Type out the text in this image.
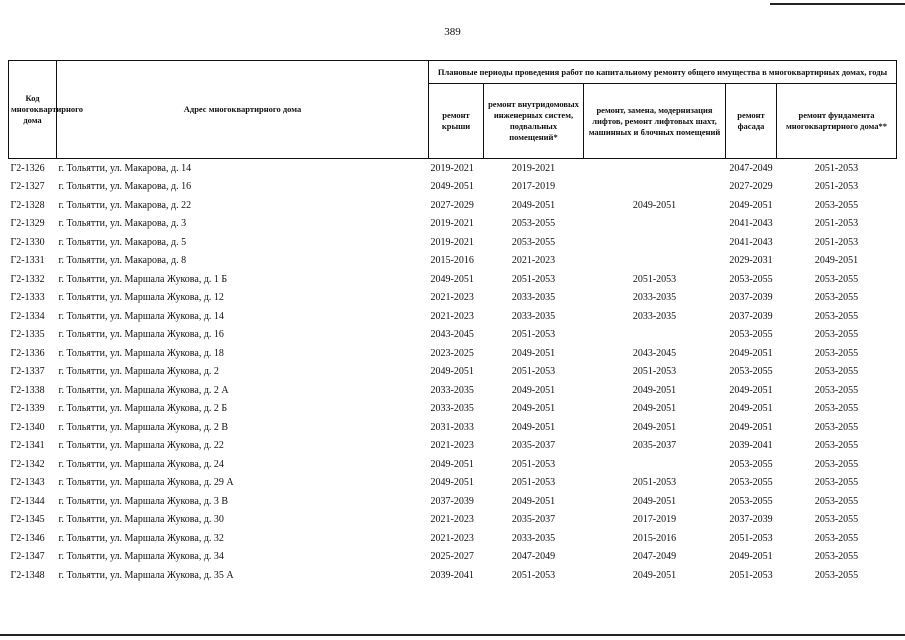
389
Код многоквартирного дома	Адрес многоквартирного дома	Плановые периоды проведения работ по капитальному ремонту общего имущества в многоквартирных домах, годы				
		ремонт крыши	ремонт внутридомовых инженерных систем, подвальных помещений*	ремонт, замена, модернизация лифтов, ремонт лифтовых шахт, машинных и блочных помещений	ремонт фасада	ремонт фундамента многоквартирного дома**
Г2-1326	г. Тольятти, ул. Макарова, д. 14	2019-2021	2019-2021		2047-2049	2051-2053
Г2-1327	г. Тольятти, ул. Макарова, д. 16	2049-2051	2017-2019		2027-2029	2051-2053
Г2-1328	г. Тольятти, ул. Макарова, д. 22	2027-2029	2049-2051	2049-2051	2049-2051	2053-2055
Г2-1329	г. Тольятти, ул. Макарова, д. 3	2019-2021	2053-2055		2041-2043	2051-2053
Г2-1330	г. Тольятти, ул. Макарова, д. 5	2019-2021	2053-2055		2041-2043	2051-2053
Г2-1331	г. Тольятти, ул. Макарова, д. 8	2015-2016	2021-2023		2029-2031	2049-2051
Г2-1332	г. Тольятти, ул. Маршала Жукова, д. 1 Б	2049-2051	2051-2053	2051-2053	2053-2055	2053-2055
Г2-1333	г. Тольятти, ул. Маршала Жукова, д. 12	2021-2023	2033-2035	2033-2035	2037-2039	2053-2055
Г2-1334	г. Тольятти, ул. Маршала Жукова, д. 14	2021-2023	2033-2035	2033-2035	2037-2039	2053-2055
Г2-1335	г. Тольятти, ул. Маршала Жукова, д. 16	2043-2045	2051-2053		2053-2055	2053-2055
Г2-1336	г. Тольятти, ул. Маршала Жукова, д. 18	2023-2025	2049-2051	2043-2045	2049-2051	2053-2055
Г2-1337	г. Тольятти, ул. Маршала Жукова, д. 2	2049-2051	2051-2053	2051-2053	2053-2055	2053-2055
Г2-1338	г. Тольятти, ул. Маршала Жукова, д. 2 А	2033-2035	2049-2051	2049-2051	2049-2051	2053-2055
Г2-1339	г. Тольятти, ул. Маршала Жукова, д. 2 Б	2033-2035	2049-2051	2049-2051	2049-2051	2053-2055
Г2-1340	г. Тольятти, ул. Маршала Жукова, д. 2 В	2031-2033	2049-2051	2049-2051	2049-2051	2053-2055
Г2-1341	г. Тольятти, ул. Маршала Жукова, д. 22	2021-2023	2035-2037	2035-2037	2039-2041	2053-2055
Г2-1342	г. Тольятти, ул. Маршала Жукова, д. 24	2049-2051	2051-2053		2053-2055	2053-2055
Г2-1343	г. Тольятти, ул. Маршала Жукова, д. 29 А	2049-2051	2051-2053	2051-2053	2053-2055	2053-2055
Г2-1344	г. Тольятти, ул. Маршала Жукова, д. 3 В	2037-2039	2049-2051	2049-2051	2053-2055	2053-2055
Г2-1345	г. Тольятти, ул. Маршала Жукова, д. 30	2021-2023	2035-2037	2017-2019	2037-2039	2053-2055
Г2-1346	г. Тольятти, ул. Маршала Жукова, д. 32	2021-2023	2033-2035	2015-2016	2051-2053	2053-2055
Г2-1347	г. Тольятти, ул. Маршала Жукова, д. 34	2025-2027	2047-2049	2047-2049	2049-2051	2053-2055
Г2-1348	г. Тольятти, ул. Маршала Жукова, д. 35 А	2039-2041	2051-2053	2049-2051	2051-2053	2053-2055
